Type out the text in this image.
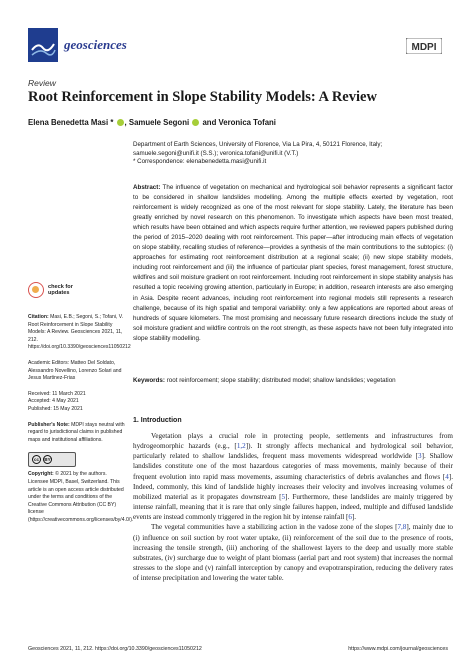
geosciences	MDPI
Review
Root Reinforcement in Slope Stability Models: A Review
Elena Benedetta Masi * , Samuele Segoni and Veronica Tofani

Department of Earth Sciences, University of Florence, Via La Pira, 4, 50121 Florence, Italy;

samuele.segoni@unifi.it (S.S.); veronica.tofani@unifi.it (V.T.)

* Correspondence: elenabenedetta.masi@unifi.it

Abstract: The influence of vegetation on mechanical and hydrological soil behavior represents a significant factor to be considered in shallow landslides modelling. Among the multiple effects exerted by vegetation, root reinforcement is widely recognized as one of the most relevant for slope stability. Lately, the literature has been greatly enriched by novel research on this phenomenon. To investigate which aspects have been most treated, which results have been obtained and which aspects require further attention, we reviewed papers published during the period of 2015–2020 dealing with root reinforcement. This paper—after introducing main effects of vegetation on slope stability, recalling studies of reference—provides a synthesis of the main contributions to the subtopics: (i) approaches for estimating root reinforcement distribution at a regional scale; (ii) new slope stability models, including root reinforcement and (iii) the influence of particular plant species, forest management, forest structure, wildfires and soil moisture gradient on root reinforcement. Including root reinforcement in slope stability analysis has resulted a topic receiving growing attention, particularly in Europe; in addition, research interests are also emerging in Asia. Despite recent advances, including root reinforcement into regional models still represents a research challenge, because of its high spatial and temporal variability: only a few applications are reported about areas of hundreds of square kilometers. The most promising and necessary future research directions include the study of soil moisture gradient and wildfire controls on the root strength, as these aspects have not been fully integrated into slope stability modelling.
Keywords: root reinforcement; slope stability; distributed model; shallow landslides; vegetation
check for
updates
Citation: Masi, E.B.; Segoni, S.; Tofani, V. Root Reinforcement in Slope Stability Models: A Review. Geosciences 2021, 11, 212. https://doi.org/10.3390/geosciences11050212
Academic Editors: Matteo Del Soldato, Alessandro Novellino, Lorenzo Solari and Jesus Martinez-Frias
Received: 11 March 2021
Accepted: 4 May 2021
Published: 15 May 2021
Publisher's Note: MDPI stays neutral with regard to jurisdictional claims in published maps and institutional affiliations.
cc	BY
Copyright: © 2021 by the authors. Licensee MDPI, Basel, Switzerland. This article is an open access article distributed under the terms and conditions of the Creative Commons Attribution (CC BY) license (https://creativecommons.org/licenses/by/4.0/).
1. Introduction

Vegetation plays a crucial role in protecting people, settlements and infrastructures from hydrogeomorphic hazards (e.g., [1,2]). It strongly affects mechanical and hydrological soil behavior, particularly related to shallow landslides, frequent mass movements widespread worldwide [3]. Shallow landslides constitute one of the most hazardous categories of mass movements, mainly because of their frequent evolution into rapid mass movements, assuming characteristics of debris avalanches and flows [4]. Indeed, commonly, this kind of landslide highly increases their velocity and involves increasing volumes of mobilized material as it propagates downstream [5]. Furthermore, these landslides are mainly triggered by intense rainfall, meaning that it is rare that only single failures happen, indeed, multiple and diffused landslide events are instead commonly triggered in the region hit by intense rainfall [6].

The vegetal communities have a stabilizing action in the vadose zone of the slopes [7,8], mainly due to (i) influence on soil suction by root water uptake, (ii) reinforcement of the soil due to the presence of roots, increasing the tensile strength, (iii) anchoring of the shallowest layers to the deep and usually more stable substrates, (iv) surcharge due to weight of plant biomass (aerial part and root system) that increases the normal stresses to the slope and (v) rainfall interception by canopy and evapotranspiration, reducing the delivery rates of intense precipitation and lowering the water table.

Geosciences 2021, 11, 212. https://doi.org/10.3390/geosciences11050212	https://www.mdpi.com/journal/geosciences
